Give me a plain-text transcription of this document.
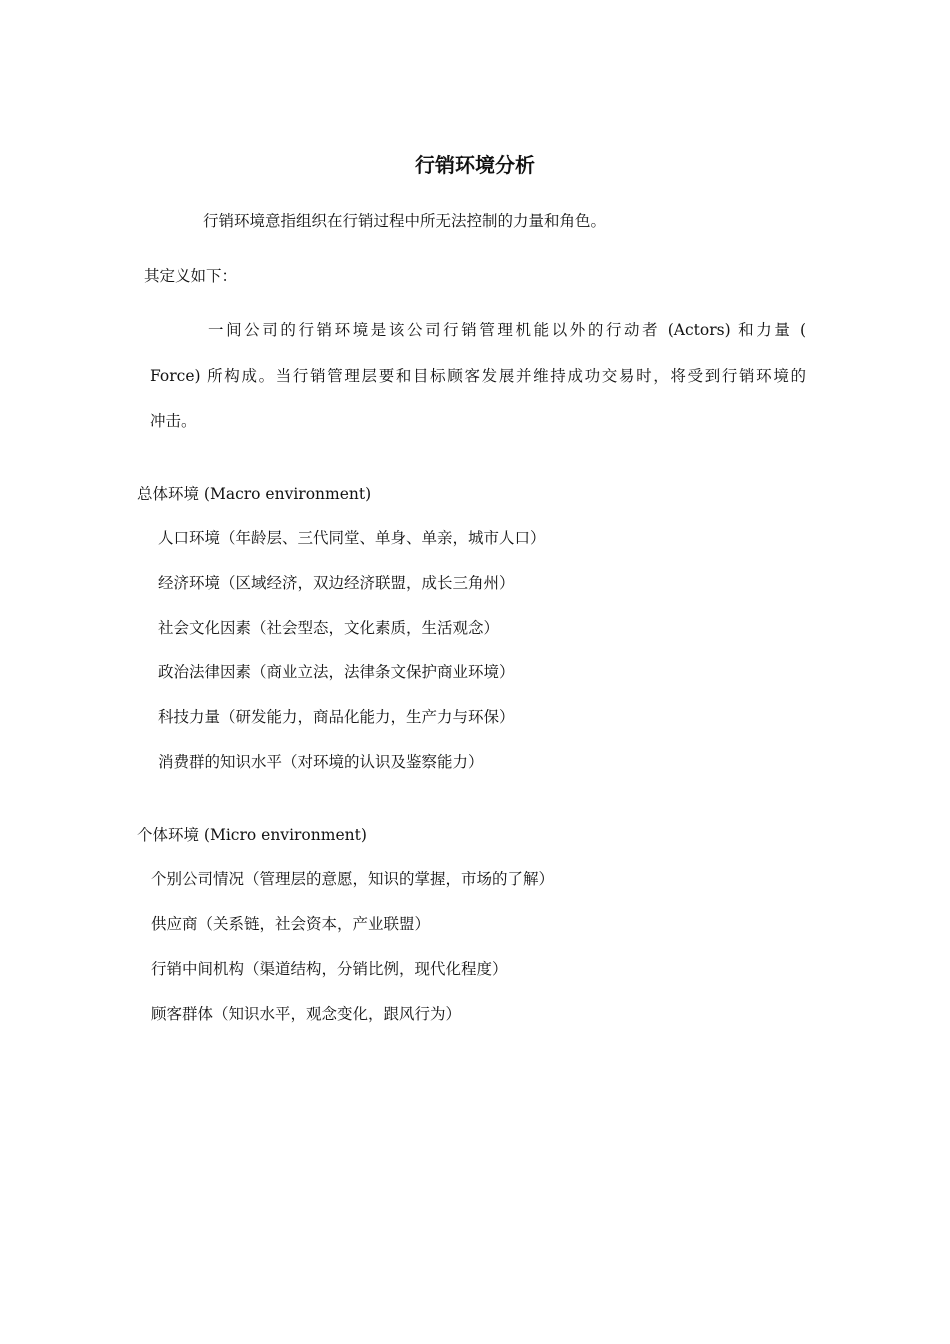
行销环境分析
行销环境意指组织在行销过程中所无法控制的力量和角色。
其定义如下：
一间公司的行销环境是该公司行销管理机能以外的行动者 (Actors) 和力量 (
Force) 所构成。当行销管理层要和目标顾客发展并维持成功交易时，将受到行销环境的
冲击。
总体环境 (Macro environment)
人口环境（年龄层、三代同堂、单身、单亲，城市人口）
经济环境（区域经济，双边经济联盟，成长三角州）
社会文化因素（社会型态，文化素质，生活观念）
政治法律因素（商业立法，法律条文保护商业环境）
科技力量（研发能力，商品化能力，生产力与环保）
消费群的知识水平（对环境的认识及鉴察能力）
个体环境 (Micro environment)
个别公司情况（管理层的意愿，知识的掌握，市场的了解）
供应商（关系链，社会资本，产业联盟）
行销中间机构（渠道结构，分销比例，现代化程度）
顾客群体（知识水平，观念变化，跟风行为）
